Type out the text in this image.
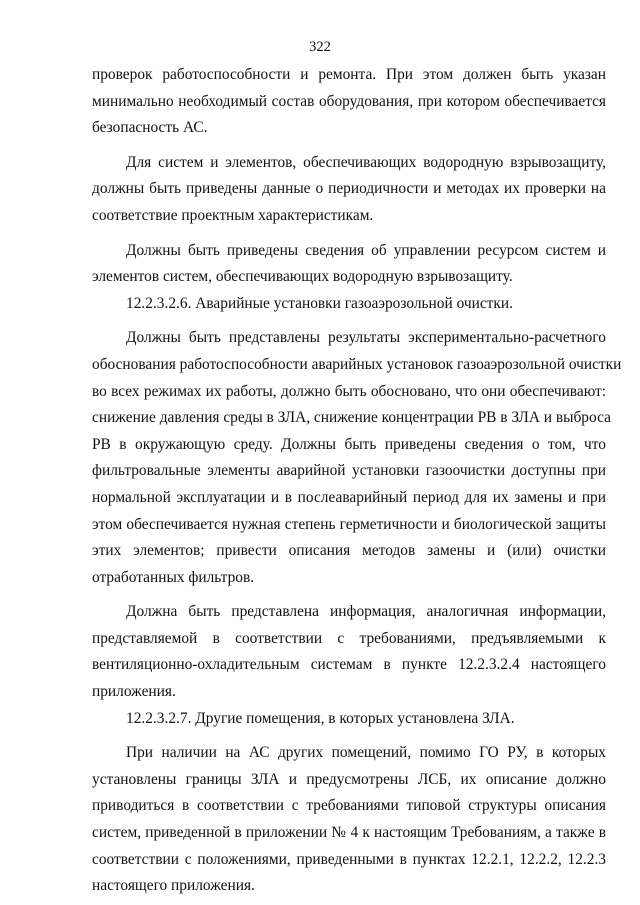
322
проверок работоспособности и ремонта. При этом должен быть указан
минимально необходимый состав оборудования, при котором обеспечивается
безопасность АС.
Для систем и элементов, обеспечивающих водородную взрывозащиту,
должны быть приведены данные о периодичности и методах их проверки на
соответствие проектным характеристикам.
Должны быть приведены сведения об управлении ресурсом систем и
элементов систем, обеспечивающих водородную взрывозащиту.
12.2.3.2.6. Аварийные установки газоаэрозольной очистки.
Должны быть представлены результаты экспериментально-расчетного
обоснования работоспособности аварийных установок газоаэрозольной очистки
во всех режимах их работы, должно быть обосновано, что они обеспечивают:
снижение давления среды в ЗЛА, снижение концентрации РВ в ЗЛА и выброса
РВ в окружающую среду. Должны быть приведены сведения о том, что
фильтровальные элементы аварийной установки газоочистки доступны при
нормальной эксплуатации и в послеаварийный период для их замены и при
этом обеспечивается нужная степень герметичности и биологической защиты
этих элементов; привести описания методов замены и (или) очистки
отработанных фильтров.
Должна быть представлена информация, аналогичная информации,
представляемой в соответствии с требованиями, предъявляемыми к
вентиляционно-охладительным системам в пункте 12.2.3.2.4 настоящего
приложения.
12.2.3.2.7. Другие помещения, в которых установлена ЗЛА.
При наличии на АС других помещений, помимо ГО РУ, в которых
установлены границы ЗЛА и предусмотрены ЛСБ, их описание должно
приводиться в соответствии с требованиями типовой структуры описания
систем, приведенной в приложении № 4 к настоящим Требованиям, а также в
соответствии с положениями, приведенными в пунктах 12.2.1, 12.2.2, 12.2.3
настоящего приложения.
